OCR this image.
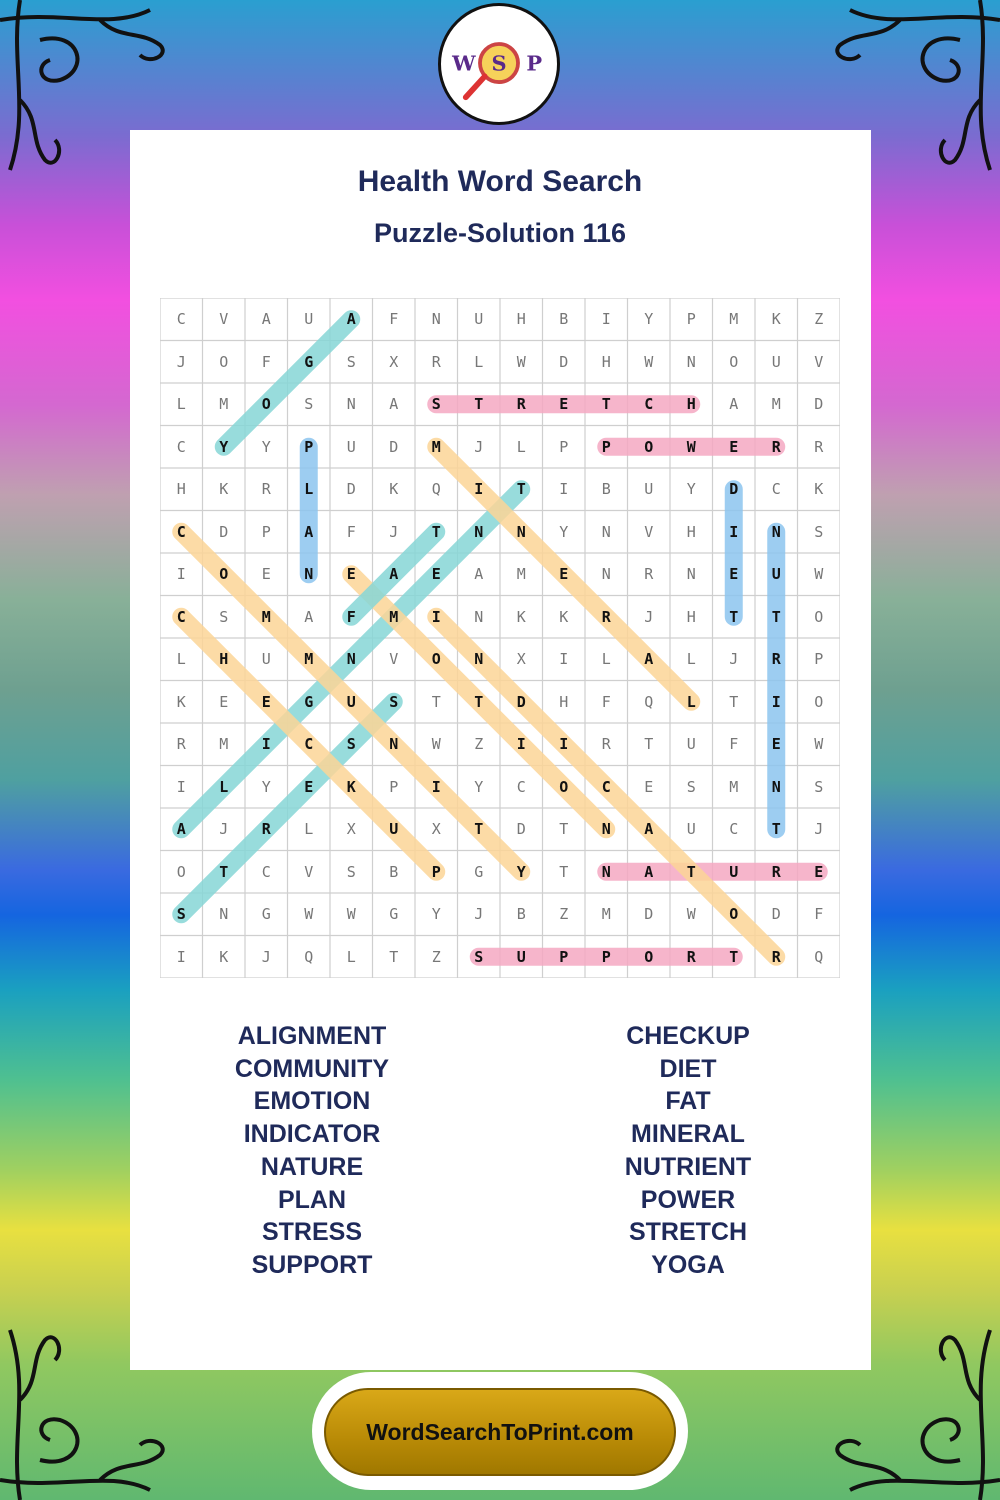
W S P
Health Word Search
Puzzle-Solution 116
C	V	A	U	A	F	N	U	H	B	I	Y	P	M	K	Z
J	O	F	G	S	X	R	L	W	D	H	W	N	O	U	V
L	M	O	S	N	A	S	T	R	E	T	C	H	A	M	D
C	Y	Y	P	U	D	M	J	L	P	P	O	W	E	R	R
H	K	R	L	D	K	Q	I	T	I	B	U	Y	D	C	K
C	D	P	A	F	J	T	N	N	Y	N	V	H	I	N	S
I	O	E	N	E	A	E	A	M	E	N	R	N	E	U	W
C	S	M	A	F	M	I	N	K	K	R	J	H	T	T	O
L	H	U	M	N	V	O	N	X	I	L	A	L	J	R	P
K	E	E	G	U	S	T	T	D	H	F	Q	L	T	I	O
R	M	I	C	S	N	W	Z	I	I	R	T	U	F	E	W
I	L	Y	E	K	P	I	Y	C	O	C	E	S	M	N	S
A	J	R	L	X	U	X	T	D	T	N	A	U	C	T	J
O	T	C	V	S	B	P	G	Y	T	N	A	T	U	R	E
S	N	G	W	W	G	Y	J	B	Z	M	D	W	O	D	F
I	K	J	Q	L	T	Z	S	U	P	P	O	R	T	R	Q
ALIGNMENT
COMMUNITY
EMOTION
INDICATOR
NATURE
PLAN
STRESS
SUPPORT
CHECKUP
DIET
FAT
MINERAL
NUTRIENT
POWER
STRETCH
YOGA
WordSearchToPrint.com
